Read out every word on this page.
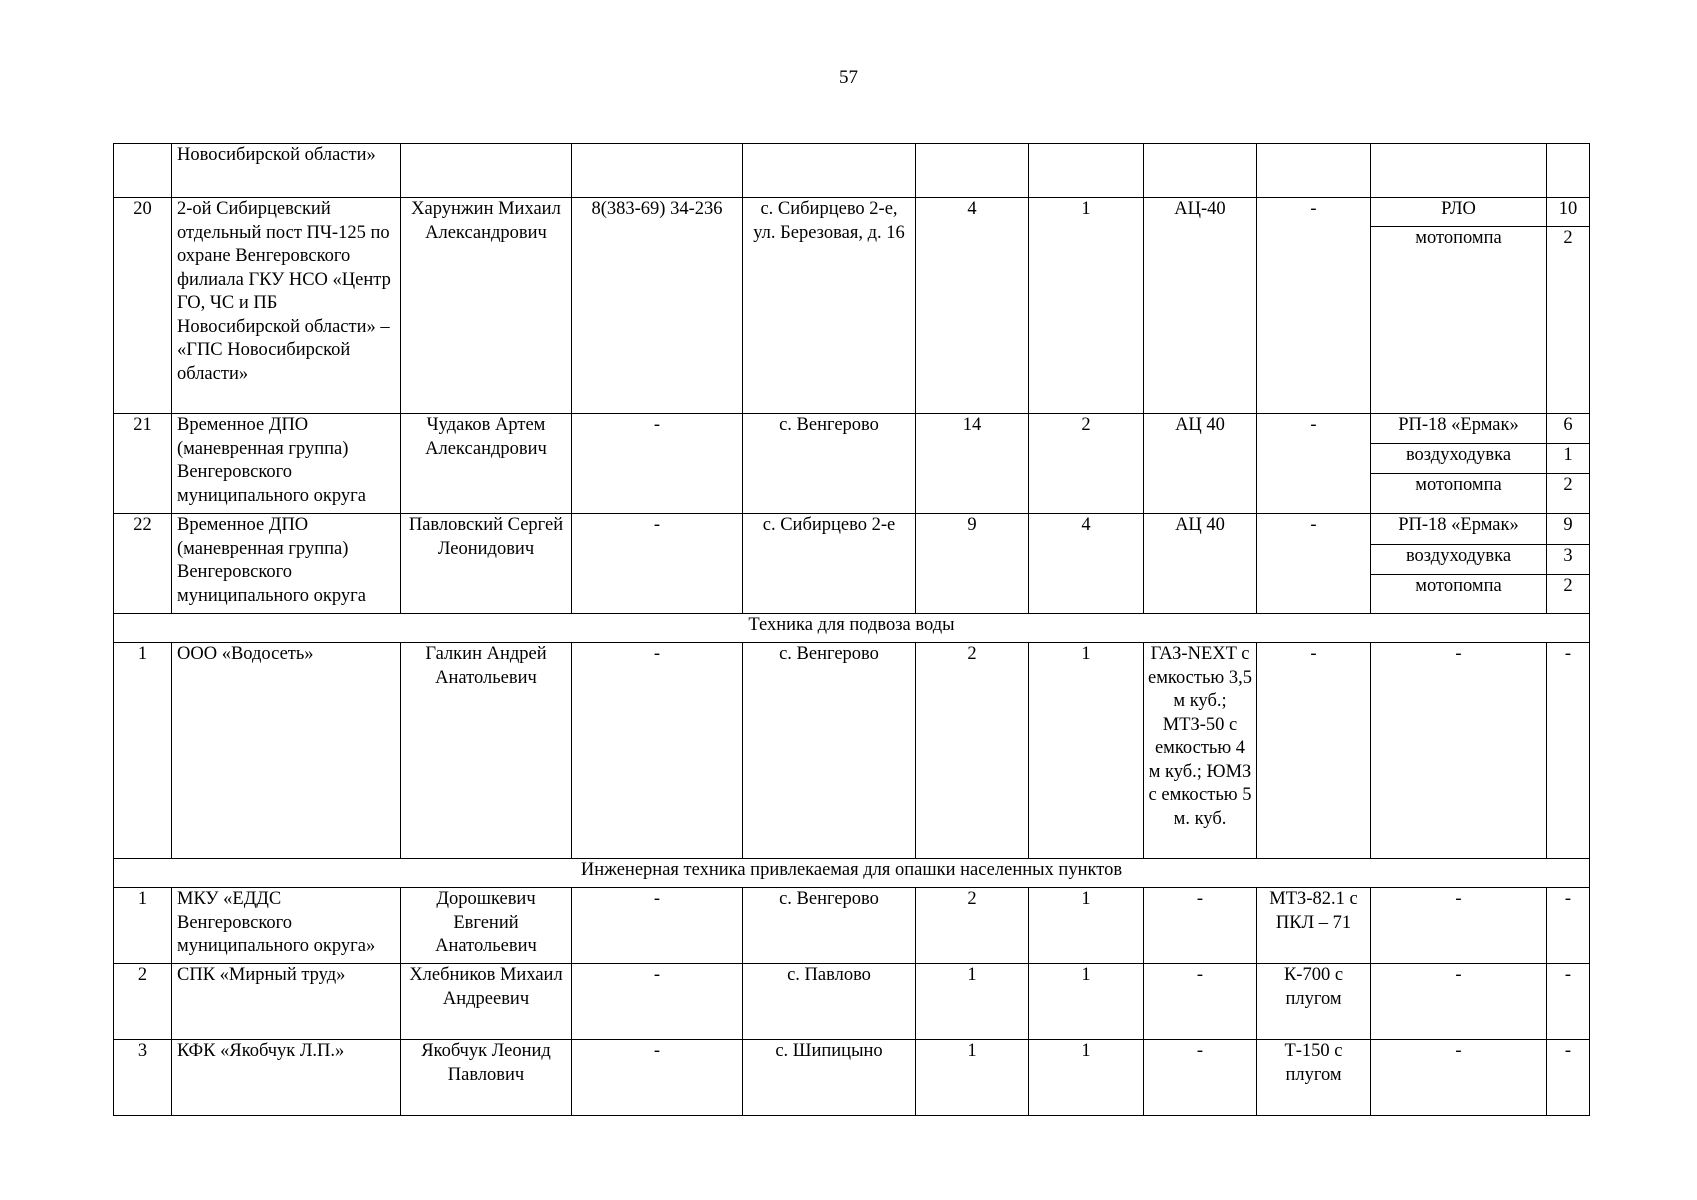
57
	Новосибирской области»									
20	2-ой Сибирцевский отдельный пост ПЧ-125 по охране Венгеровского филиала ГКУ НСО «Центр ГО, ЧС и ПБ Новосибирской области» – «ГПС Новосибирской области»	Харунжин Михаил Александрович	8(383-69) 34-236	с. Сибирцево 2-е, ул. Березовая, д. 16	4	1	АЦ-40	-	РЛО	10
									мотопомпа	2
21	Временное ДПО (маневренная группа) Венгеровского муниципального округа	Чудаков Артем Александрович	-	с. Венгерово	14	2	АЦ 40	-	РП-18 «Ермак»	6
									воздуходувка	1
									мотопомпа	2
22	Временное ДПО (маневренная группа) Венгеровского муниципального округа	Павловский Сергей Леонидович	-	с. Сибирцево 2-е	9	4	АЦ 40	-	РП-18 «Ермак»	9
									воздуходувка	3
									мотопомпа	2
Техника для подвоза воды										
1	ООО «Водосеть»	Галкин Андрей Анатольевич	-	с. Венгерово	2	1	ГАЗ-NEXT с емкостью 3,5 м куб.; МТЗ-50 с емкостью 4 м куб.; ЮМЗ с емкостью 5 м. куб.	-	-	-
Инженерная техника привлекаемая для опашки населенных пунктов										
1	МКУ «ЕДДС Венгеровского муниципального округа»	Дорошкевич Евгений Анатольевич	-	с. Венгерово	2	1	-	МТЗ-82.1 с ПКЛ – 71	-	-
2	СПК «Мирный труд»	Хлебников Михаил Андреевич	-	с. Павлово	1	1	-	К-700 с плугом	-	-
3	КФК «Якобчук Л.П.»	Якобчук Леонид Павлович	-	с. Шипицыно	1	1	-	Т-150 с плугом	-	-
